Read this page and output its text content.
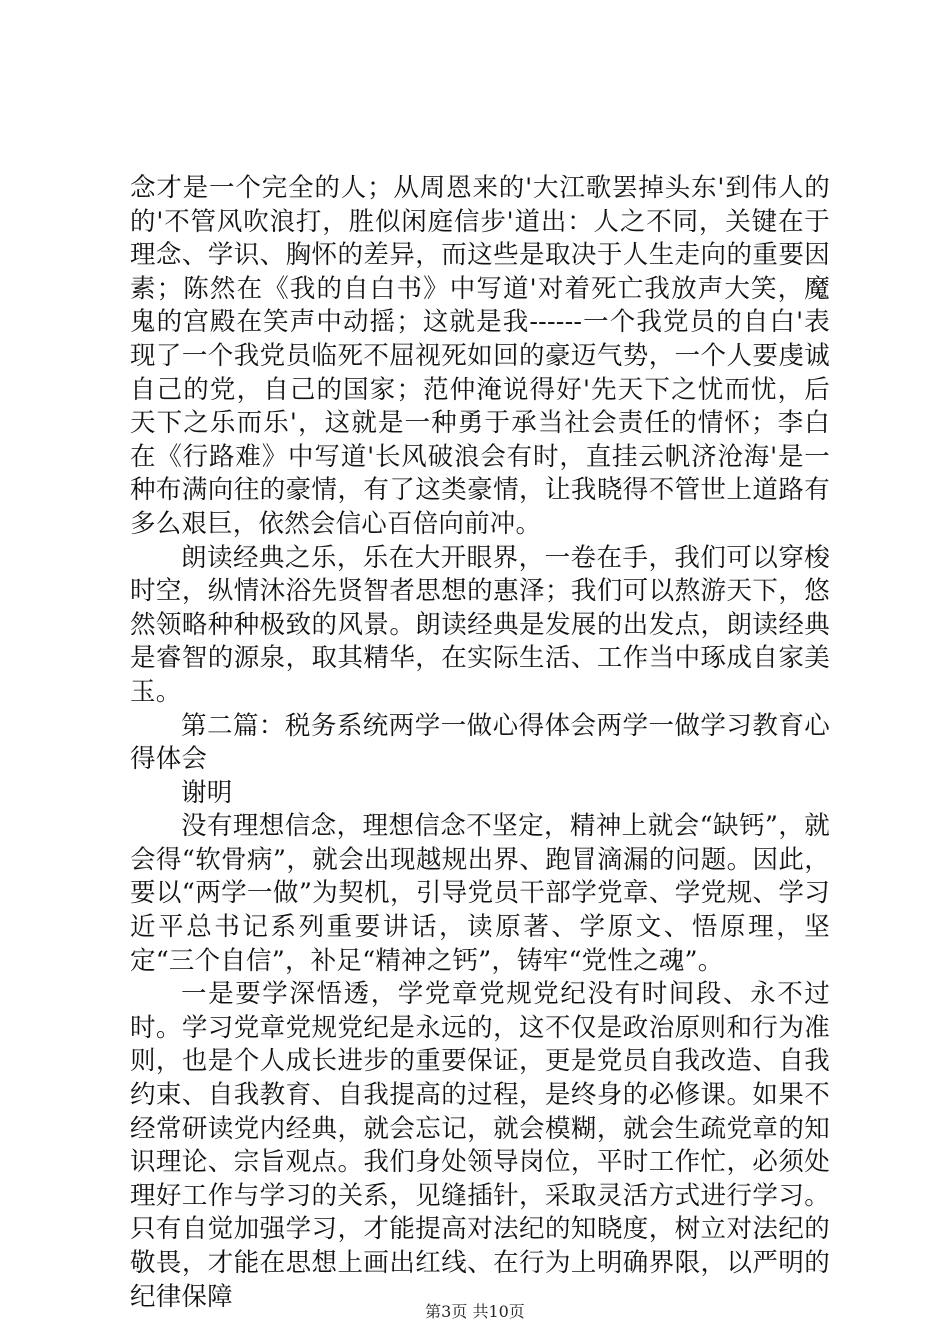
念才是一个完全的人；从周恩来的'大江歌罢掉头东'到伟人的的'不管风吹浪打，胜似闲庭信步'道出：人之不同，关键在于理念、学识、胸怀的差异，而这些是取决于人生走向的重要因素；陈然在《我的自白书》中写道'对着死亡我放声大笑，魔鬼的宫殿在笑声中动摇；这就是我------一个我党员的自白'表现了一个我党员临死不屈视死如回的豪迈气势，一个人要虔诚自己的党，自己的国家；范仲淹说得好'先天下之忧而忧，后天下之乐而乐'，这就是一种勇于承当社会责任的情怀；李白在《行路难》中写道'长风破浪会有时，直挂云帆济沧海'是一种布满向往的豪情，有了这类豪情，让我晓得不管世上道路有多么艰巨，依然会信心百倍向前冲。

朗读经典之乐，乐在大开眼界，一卷在手，我们可以穿梭时空，纵情沐浴先贤智者思想的惠泽；我们可以熬游天下，悠然领略种种极致的风景。朗读经典是发展的出发点，朗读经典是睿智的源泉，取其精华，在实际生活、工作当中琢成自家美玉。

第二篇：税务系统两学一做心得体会两学一做学习教育心得体会

谢明

没有理想信念，理想信念不坚定，精神上就会“缺钙”，就会得“软骨病”，就会出现越规出界、跑冒滴漏的问题。因此，要以“两学一做”为契机，引导党员干部学党章、学党规、学习近平总书记系列重要讲话，读原著、学原文、悟原理，坚定“三个自信”，补足“精神之钙”，铸牢“党性之魂”。

一是要学深悟透，学党章党规党纪没有时间段、永不过时。学习党章党规党纪是永远的，这不仅是政治原则和行为准则，也是个人成长进步的重要保证，更是党员自我改造、自我约束、自我教育、自我提高的过程，是终身的必修课。如果不经常研读党内经典，就会忘记，就会模糊，就会生疏党章的知识理论、宗旨观点。我们身处领导岗位，平时工作忙，必须处理好工作与学习的关系，见缝插针，采取灵活方式进行学习。只有自觉加强学习，才能提高对法纪的知晓度，树立对法纪的敬畏，才能在思想上画出红线、在行为上明确界限，以严明的纪律保障	第3页 共10页
